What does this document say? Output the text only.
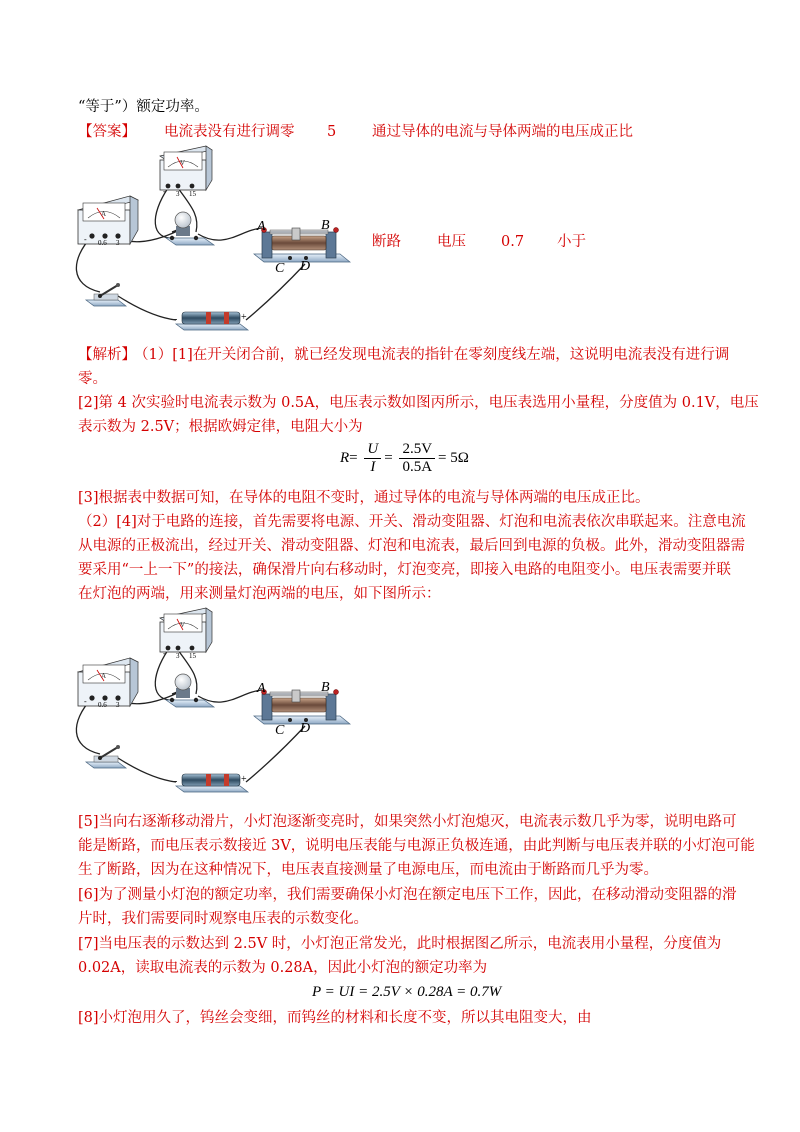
“等于”）额定功率。
【答案】 电流表没有进行调零 5 通过导体的电流与导体两端的电压成正比
断路 电压 0.7 小于
【解析】
（1）[1]在开关闭合前，就已经发现电流表的指针在零刻度线左端，这说明电流表没有进行调
零。
[2]第 4 次实验时电流表示数为 0.5A，电压表示数如图丙所示，电压表选用小量程，分度值为 0.1V，电压
表示数为 2.5V；根据欧姆定律，电阻大小为
$R= \frac{U}{I} = \frac{2.5V}{0.5A} = 5\Omega$
[3]根据表中数据可知，在导体的电阻不变时，通过导体的电流与导体两端的电压成正比。
（2）[4]对于电路的连接，首先需要将电源、开关、滑动变阻器、灯泡和电流表依次串联起来。注意电流
从电源的正极流出，经过开关、滑动变阻器、灯泡和电流表，最后回到电源的负极。此外，滑动变阻器需
要采用“一上一下”的接法，确保滑片向右移动时，灯泡变亮，即接入电路的电阻变小。电压表需要并联
在灯泡的两端，用来测量灯泡两端的电压，如下图所示：
[5]当向右逐渐移动滑片，小灯泡逐渐变亮时，如果突然小灯泡熄灭，电流表示数几乎为零，说明电路可
能是断路，而电压表示数接近 3V，说明电压表能与电源正负极连通，由此判断与电压表并联的小灯泡可能
生了断路，因为在这种情况下，电压表直接测量了电源电压，而电流由于断路而几乎为零。
[6]为了测量小灯泡的额定功率，我们需要确保小灯泡在额定电压下工作，因此，在移动滑动变阻器的滑
片时，我们需要同时观察电压表的示数变化。
[7]当电压表的示数达到 2.5V 时，小灯泡正常发光，此时根据图乙所示，电流表用小量程，分度值为
0.02A，读取电流表的示数为 0.28A，因此小灯泡的额定功率为
P = UI = 2.5V × 0.28A = 0.7W
[8]小灯泡用久了，钨丝会变细，而钨丝的材料和长度不变，所以其电阻变大，由
